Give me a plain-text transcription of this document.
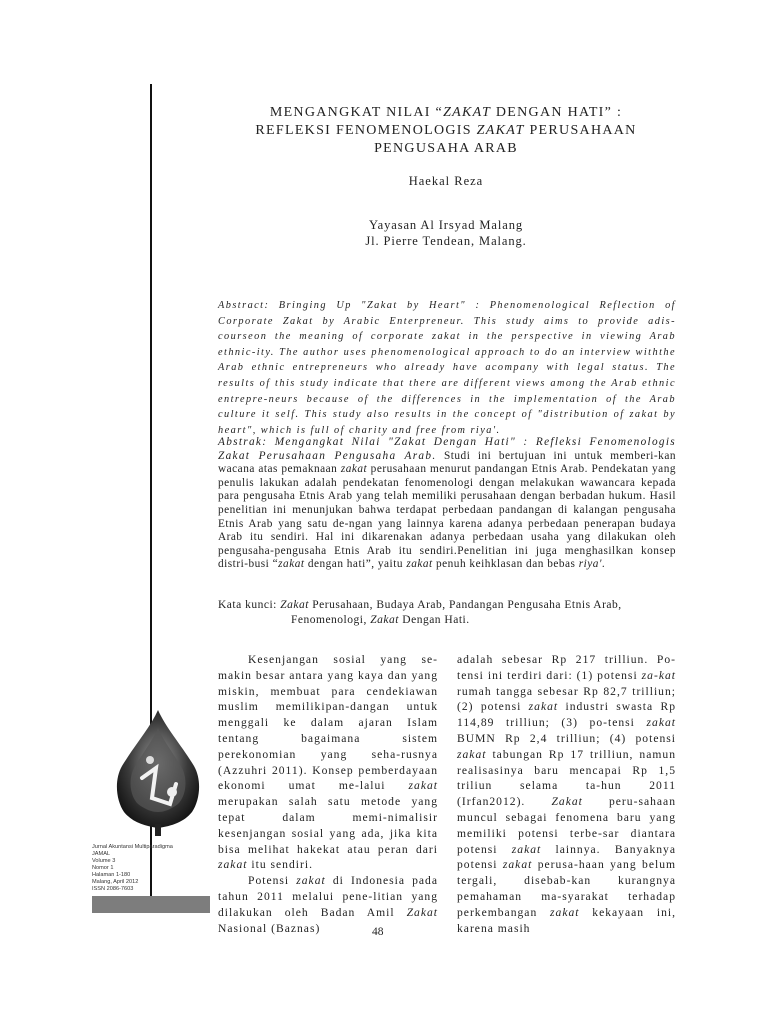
MENGANGKAT NILAI “ZAKAT DENGAN HATI” :
REFLEKSI FENOMENOLOGIS ZAKAT PERUSAHAAN
PENGUSAHA ARAB
Haekal Reza
Yayasan Al Irsyad Malang
Jl. Pierre Tendean, Malang.
Abstract: Bringing Up "Zakat by Heart" : Phenomenological Reflection of Corporate Zakat by Arabic Enterpreneur. This study aims to provide adis-courseon the meaning of corporate zakat in the perspective in viewing Arab ethnic-ity. The author uses phenomenological approach to do an interview withthe Arab ethnic entrepreneurs who already have acompany with legal status. The results of this study indicate that there are different views among the Arab ethnic entrepre-neurs because of the differences in the implementation of the Arab culture it self. This study also results in the concept of "distribution of zakat by heart", which is full of charity and free from riya'.
Abstrak: Mengangkat Nilai "Zakat Dengan Hati" : Refleksi Fenomenologis Zakat Perusahaan Pengusaha Arab. Studi ini bertujuan ini untuk memberi-kan wacana atas pemaknaan zakat perusahaan menurut pandangan Etnis Arab. Pendekatan yang penulis lakukan adalah pendekatan fenomenologi dengan melakukan wawancara kepada para pengusaha Etnis Arab yang telah memiliki perusahaan dengan berbadan hukum. Hasil penelitian ini menunjukan bahwa terdapat perbedaan pandangan di kalangan pengusaha Etnis Arab yang satu de-ngan yang lainnya karena adanya perbedaan penerapan budaya Arab itu sendiri. Hal ini dikarenakan adanya perbedaan usaha yang dilakukan oleh pengusaha-pengusaha Etnis Arab itu sendiri.Penelitian ini juga menghasilkan konsep distri-busi “zakat dengan hati”, yaitu zakat penuh keihklasan dan bebas riya'.
Kata kunci: Zakat Perusahaan, Budaya Arab, Pandangan Pengusaha Etnis Arab,
Fenomenologi, Zakat Dengan Hati.
Jurnal Akuntansi Multiparadigma
JAMAL
Volume 3
Nomor 1
Halaman 1-180
Malang, April 2012
ISSN 2086-7603

Kesenjangan sosial yang se-makin besar antara yang kaya dan yang miskin, membuat para cendekiawan muslim memilikipan-dangan untuk menggali ke dalam ajaran Islam tentang bagaimana sistem perekonomian yang seha-rusnya (Azzuhri 2011). Konsep pemberdayaan ekonomi umat me-lalui zakat merupakan salah satu metode yang tepat dalam memi-nimalisir kesenjangan sosial yang ada, jika kita bisa melihat hakekat atau peran dari zakat itu sendiri.

Potensi zakat di Indonesia pada tahun 2011 melalui pene-litian yang dilakukan oleh Badan Amil Zakat Nasional (Baznas)

adalah sebesar Rp 217 trilliun. Po-tensi ini terdiri dari: (1) potensi za-kat rumah tangga sebesar Rp 82,7 trilliun; (2) potensi zakat industri swasta Rp 114,89 trilliun; (3) po-tensi zakat BUMN Rp 2,4 trilliun; (4) potensi zakat tabungan Rp 17 trilliun, namun realisasinya baru mencapai Rp 1,5 triliun selama ta-hun 2011 (Irfan2012). Zakat peru-sahaan muncul sebagai fenomena baru yang memiliki potensi terbe-sar diantara potensi zakat lainnya. Banyaknya potensi zakat perusa-haan yang belum tergali, disebab-kan kurangnya pemahaman ma-syarakat terhadap perkembangan zakat kekayaan ini, karena masih

48
